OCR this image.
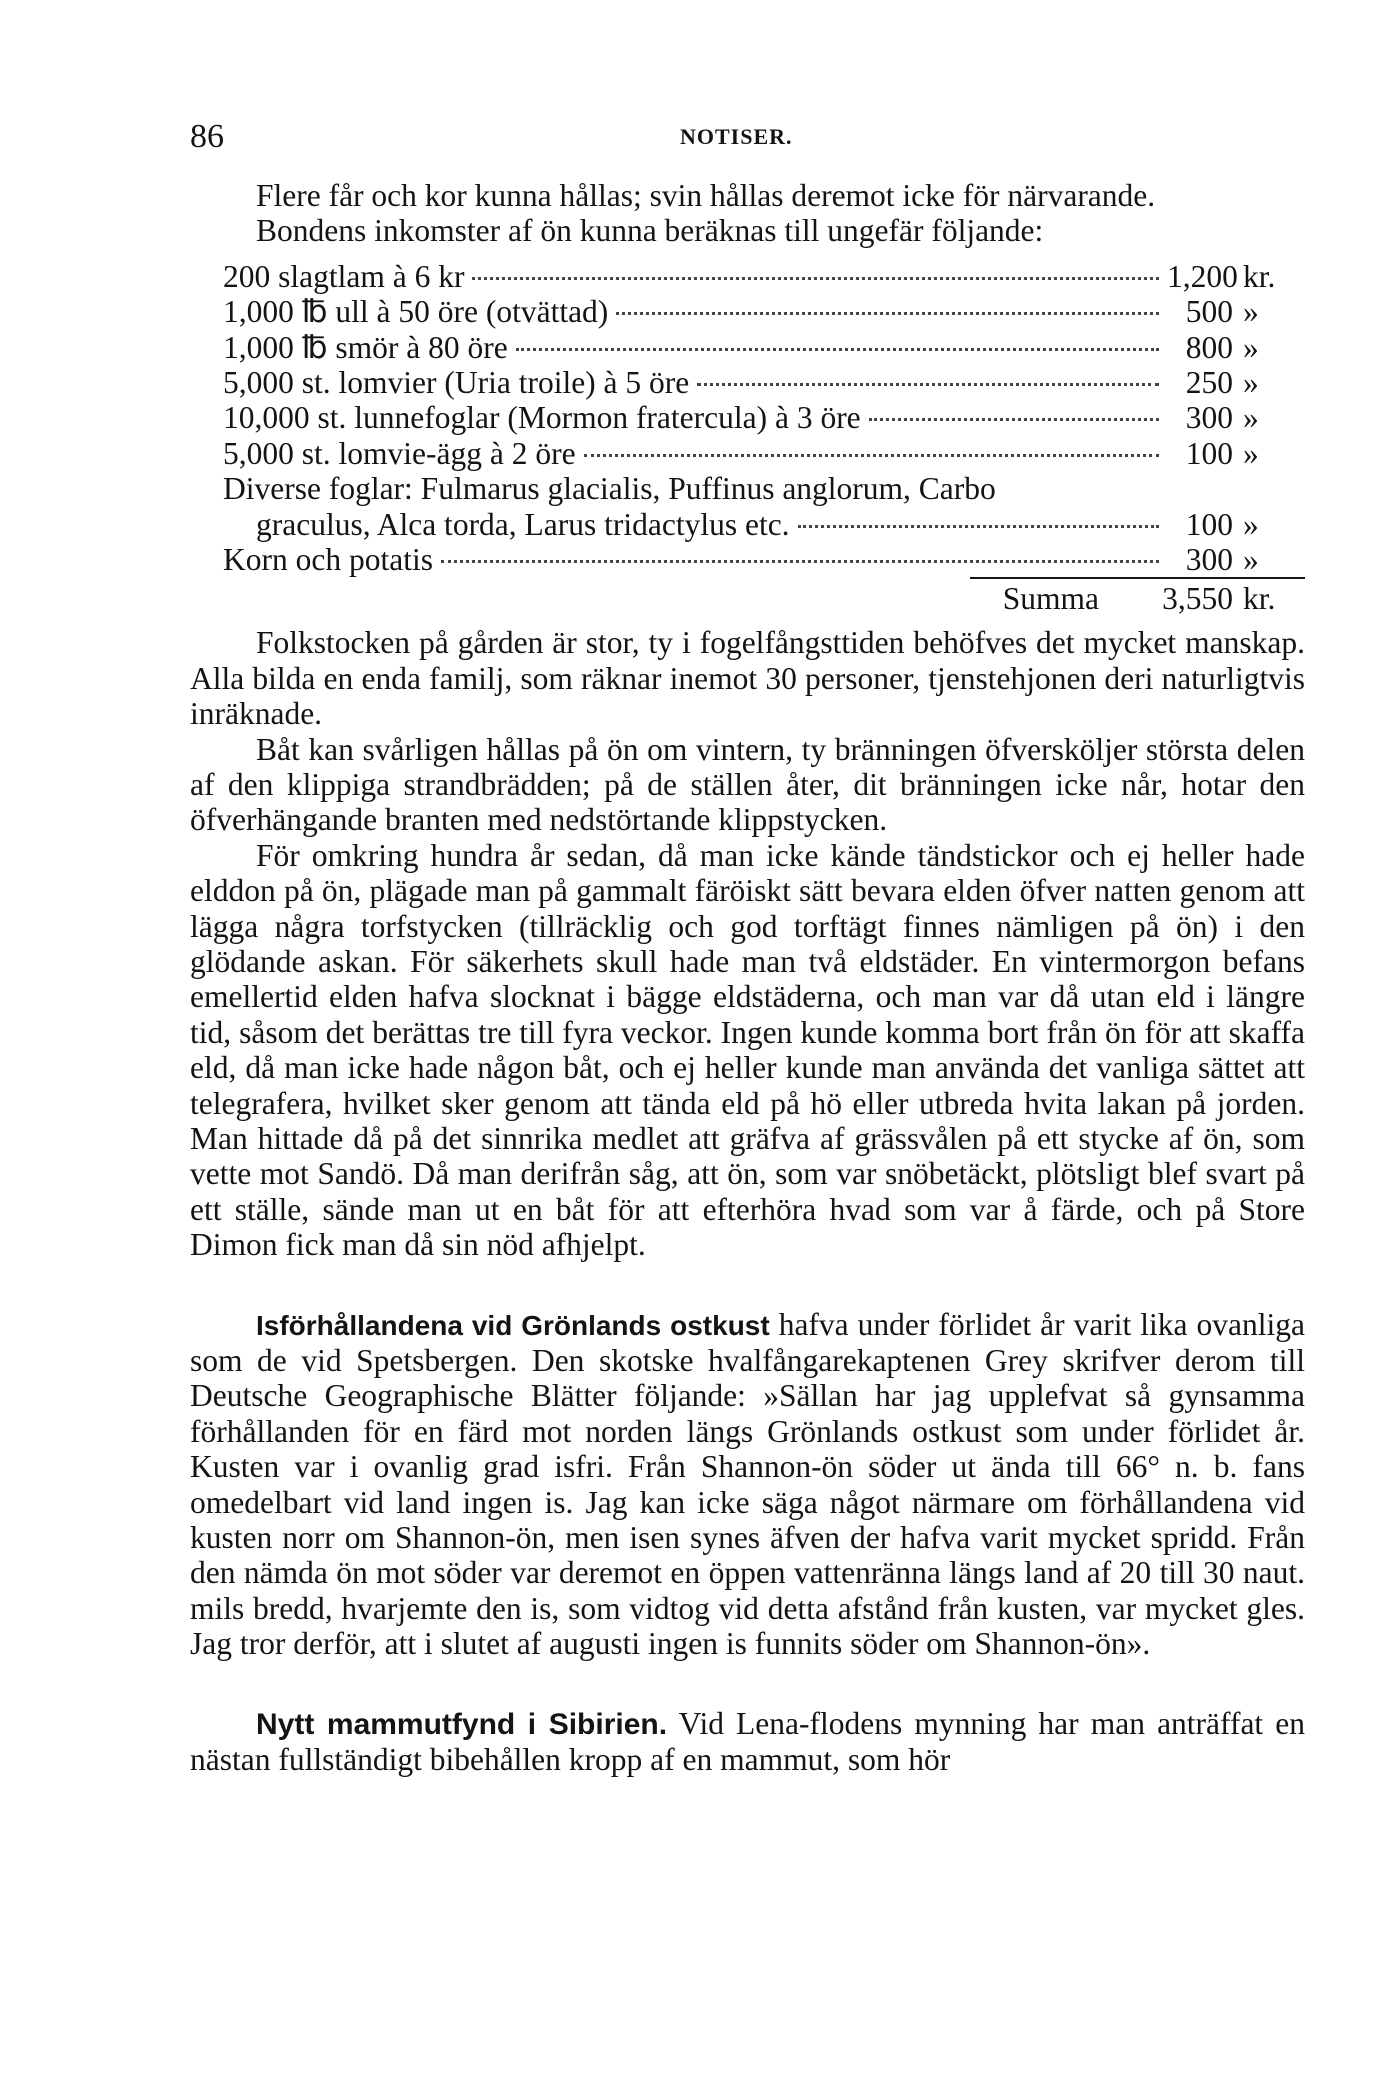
86	NOTISER.

Flere får och kor kunna hållas; svin hållas deremot icke för närvarande.

Bondens inkomster af ön kunna beräknas till ungefär följande:

200 slagtlam à 6 kr	1,200 kr.
1,000 ℔ ull à 50 öre (otvättad)	500 »
1,000 ℔ smör à 80 öre	800 »
5,000 st. lomvier (Uria troile) à 5 öre	250 »
10,000 st. lunnefoglar (Mormon fratercula) à 3 öre	300 »
5,000 st. lomvie-ägg à 2 öre	100 »
Diverse foglar: Fulmarus glacialis, Puffinus anglorum, Carbo
graculus, Alca torda, Larus tridactylus etc.	100 »
Korn och potatis	300 »
Summa	3,550 kr.

Folkstocken på gården är stor, ty i fogelfångsttiden behöfves det mycket manskap. Alla bilda en enda familj, som räknar inemot 30 personer, tjenstehjonen deri naturligtvis inräknade.

Båt kan svårligen hållas på ön om vintern, ty bränningen öfversköljer största delen af den klippiga strandbrädden; på de ställen åter, dit bränningen icke når, hotar den öfverhängande branten med nedstörtande klippstycken.

För omkring hundra år sedan, då man icke kände tändstickor och ej heller hade elddon på ön, plägade man på gammalt färöiskt sätt bevara elden öfver natten genom att lägga några torfstycken (tillräcklig och god torftägt finnes nämligen på ön) i den glödande askan. För säkerhets skull hade man två eldstäder. En vintermorgon befans emellertid elden hafva slocknat i bägge eldstäderna, och man var då utan eld i längre tid, såsom det berättas tre till fyra veckor. Ingen kunde komma bort från ön för att skaffa eld, då man icke hade någon båt, och ej heller kunde man använda det vanliga sättet att telegrafera, hvilket sker genom att tända eld på hö eller utbreda hvita lakan på jorden. Man hittade då på det sinnrika medlet att gräfva af grässvålen på ett stycke af ön, som vette mot Sandö. Då man derifrån såg, att ön, som var snöbetäckt, plötsligt blef svart på ett ställe, sände man ut en båt för att efterhöra hvad som var å färde, och på Store Dimon fick man då sin nöd afhjelpt.

Isförhållandena vid Grönlands ostkust hafva under förlidet år varit lika ovanliga som de vid Spetsbergen. Den skotske hvalfångarekaptenen Grey skrifver derom till Deutsche Geographische Blätter följande: »Sällan har jag upplefvat så gynsamma förhållanden för en färd mot norden längs Grönlands ostkust som under förlidet år. Kusten var i ovanlig grad isfri. Från Shannon-ön söder ut ända till 66° n. b. fans omedelbart vid land ingen is. Jag kan icke säga något närmare om förhållandena vid kusten norr om Shannon-ön, men isen synes äfven der hafva varit mycket spridd. Från den nämda ön mot söder var deremot en öppen vattenränna längs land af 20 till 30 naut. mils bredd, hvarjemte den is, som vidtog vid detta afstånd från kusten, var mycket gles. Jag tror derför, att i slutet af augusti ingen is funnits söder om Shannon-ön».

Nytt mammutfynd i Sibirien. Vid Lena-flodens mynning har man anträffat en nästan fullständigt bibehållen kropp af en mammut, som hör
